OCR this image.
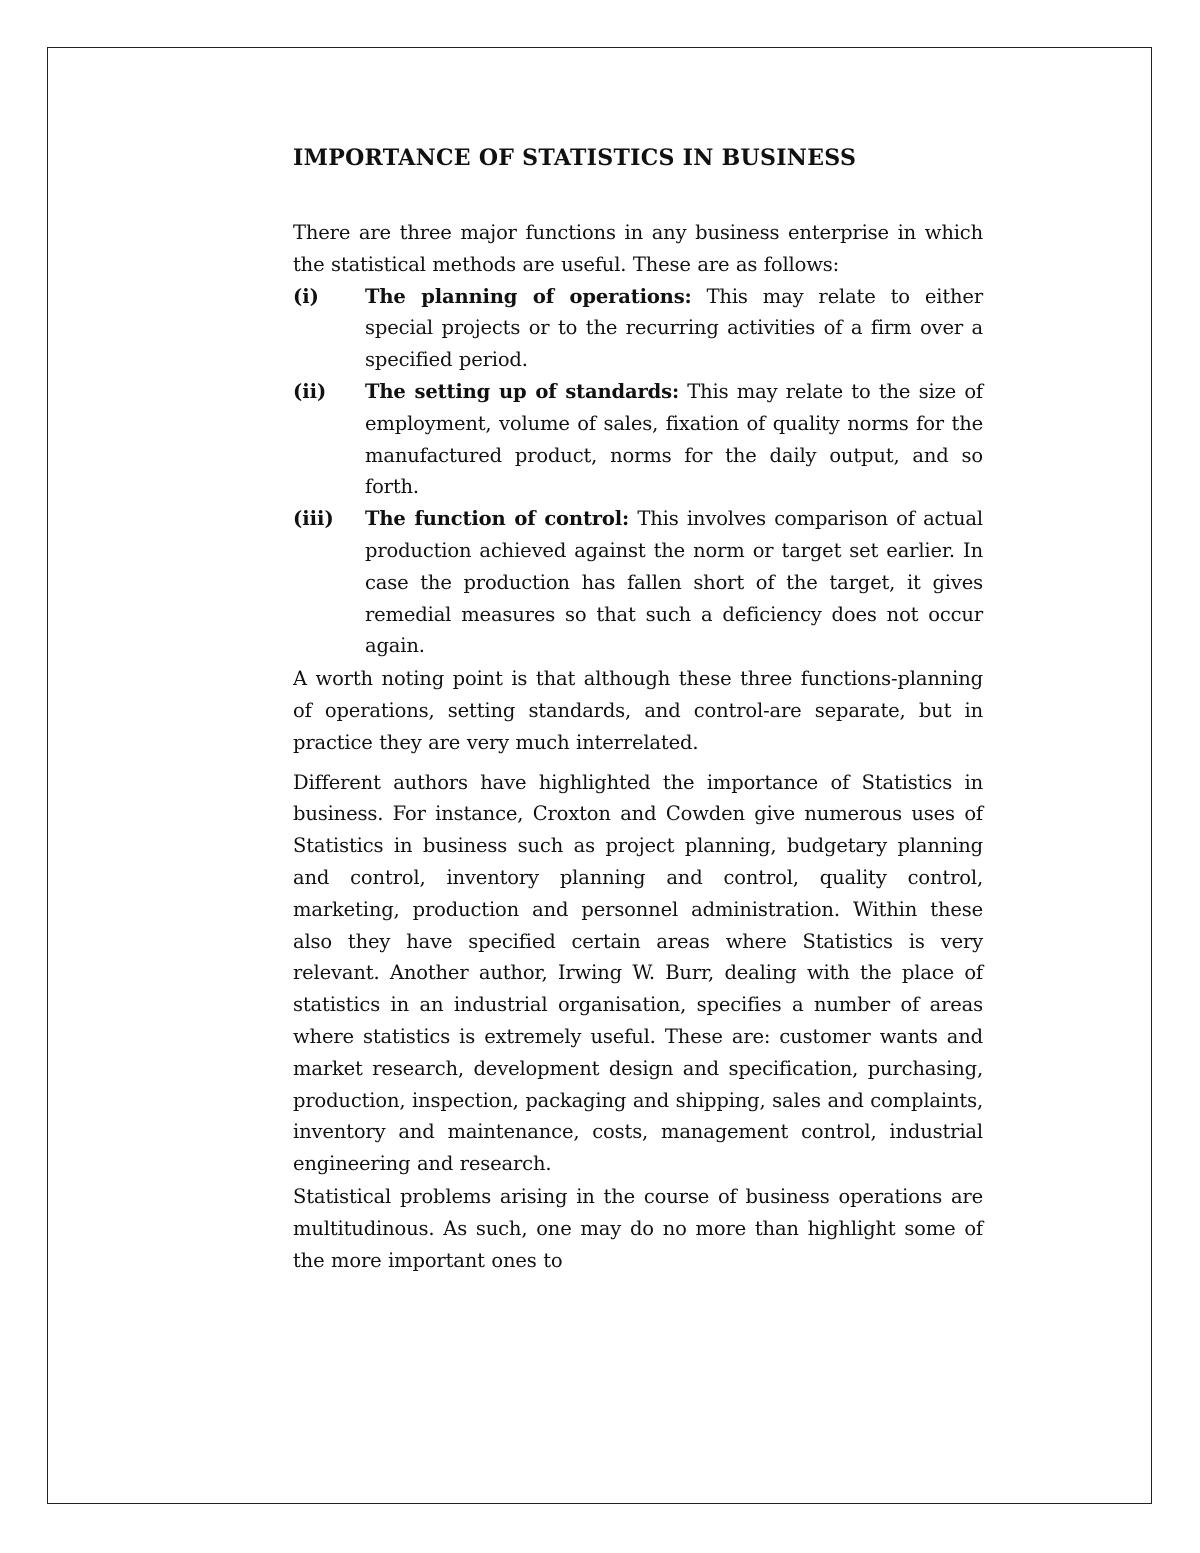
IMPORTANCE OF STATISTICS IN BUSINESS

There are three major functions in any business enterprise in which the statistical methods are useful. These are as follows:

(i)	The planning of operations: This may relate to either special projects or to the recurring activities of a firm over a specified period.
(ii)	The setting up of standards: This may relate to the size of employment, volume of sales, fixation of quality norms for the manufactured product, norms for the daily output, and so forth.
(iii)	The function of control: This involves comparison of actual production achieved against the norm or target set earlier. In case the production has fallen short of the target, it gives remedial measures so that such a deficiency does not occur again.

A worth noting point is that although these three functions-planning of operations, setting standards, and control-are separate, but in practice they are very much interrelated.

Different authors have highlighted the importance of Statistics in business. For instance, Croxton and Cowden give numerous uses of Statistics in business such as project planning, budgetary planning and control, inventory planning and control, quality control, marketing, production and personnel administration. Within these also they have specified certain areas where Statistics is very relevant. Another author, Irwing W. Burr, dealing with the place of statistics in an industrial organisation, specifies a number of areas where statistics is extremely useful. These are: customer wants and market research, development design and specification, purchasing, production, inspection, packaging and shipping, sales and complaints, inventory and maintenance, costs, management control, industrial engineering and research.

Statistical problems arising in the course of business operations are multitudinous. As such, one may do no more than highlight some of the more important ones to
